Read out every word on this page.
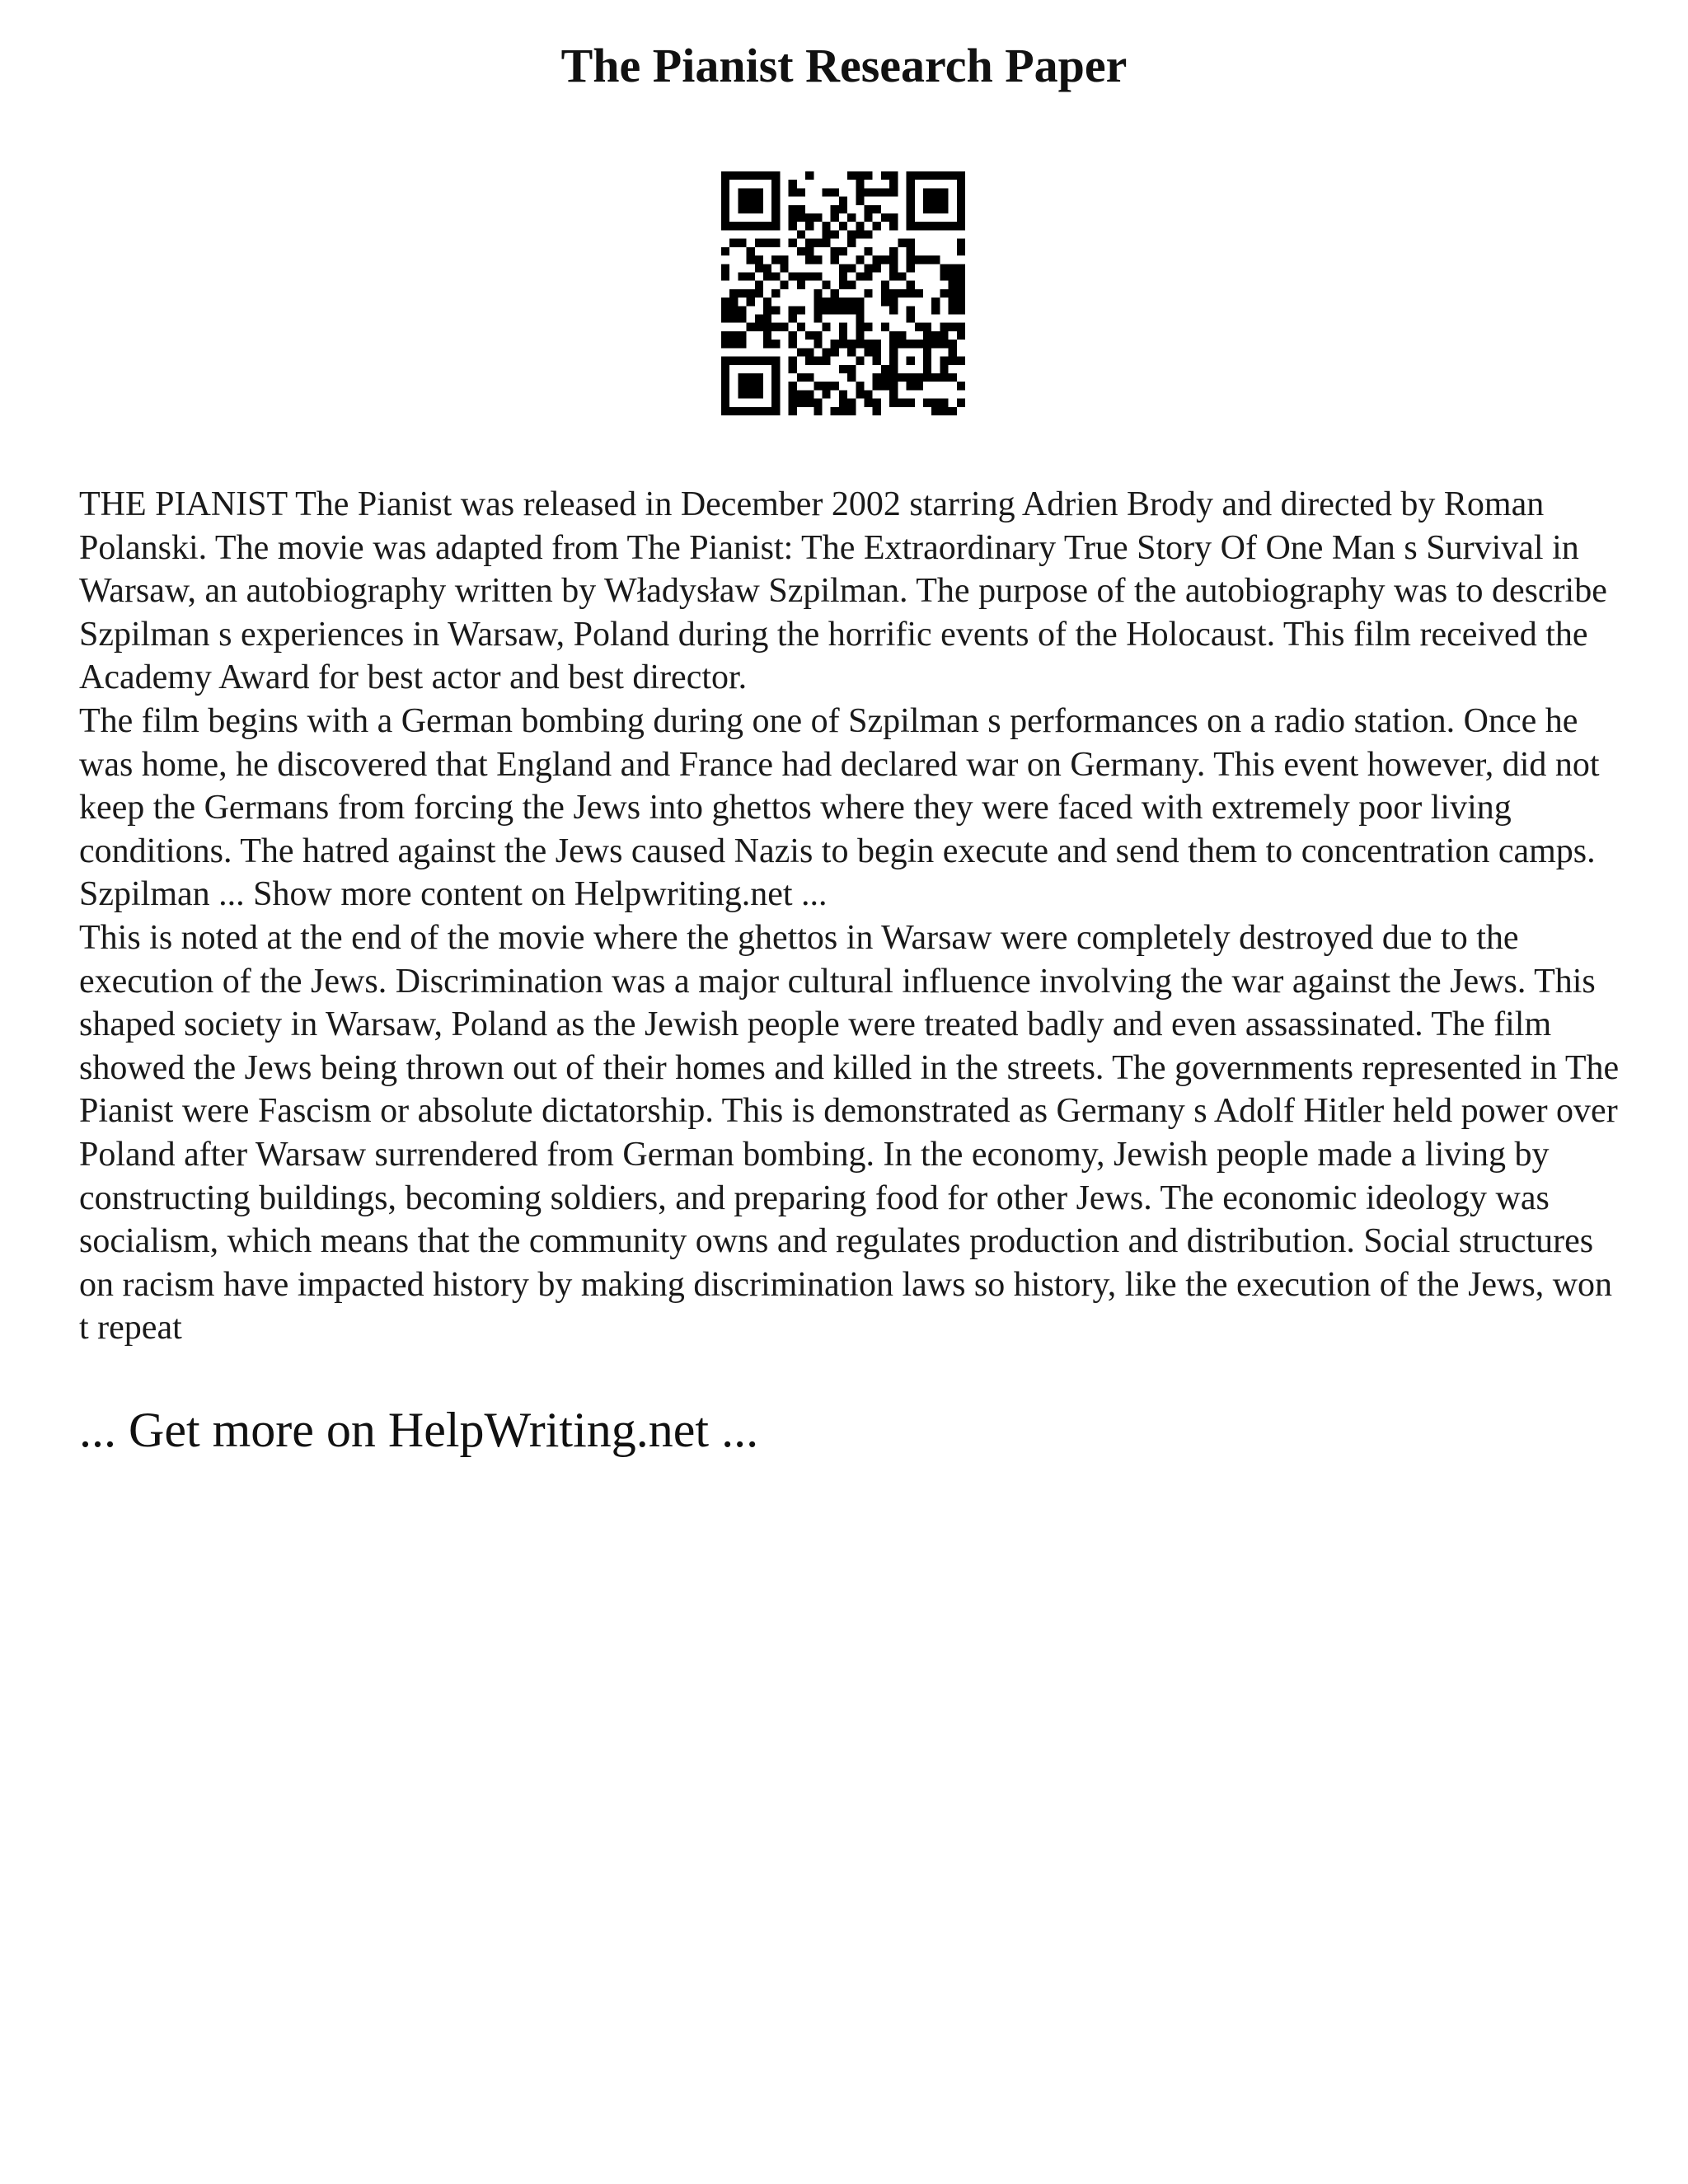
The Pianist Research Paper

THE PIANIST The Pianist was released in December 2002 starring Adrien Brody and directed by Roman Polanski. The movie was adapted from The Pianist: The Extraordinary True Story Of One Man s Survival in Warsaw, an autobiography written by Władysław Szpilman. The purpose of the autobiography was to describe Szpilman s experiences in Warsaw, Poland during the horrific events of the Holocaust. This film received the Academy Award for best actor and best director.

The film begins with a German bombing during one of Szpilman s performances on a radio station. Once he was home, he discovered that England and France had declared war on Germany. This event however, did not keep the Germans from forcing the Jews into ghettos where they were faced with extremely poor living conditions. The hatred against the Jews caused Nazis to begin execute and send them to concentration camps. Szpilman ... Show more content on Helpwriting.net ...

This is noted at the end of the movie where the ghettos in Warsaw were completely destroyed due to the execution of the Jews. Discrimination was a major cultural influence involving the war against the Jews. This shaped society in Warsaw, Poland as the Jewish people were treated badly and even assassinated. The film showed the Jews being thrown out of their homes and killed in the streets. The governments represented in The Pianist were Fascism or absolute dictatorship. This is demonstrated as Germany s Adolf Hitler held power over Poland after Warsaw surrendered from German bombing. In the economy, Jewish people made a living by constructing buildings, becoming soldiers, and preparing food for other Jews. The economic ideology was socialism, which means that the community owns and regulates production and distribution. Social structures on racism have impacted history by making discrimination laws so history, like the execution of the Jews, won t repeat

... Get more on HelpWriting.net ...
